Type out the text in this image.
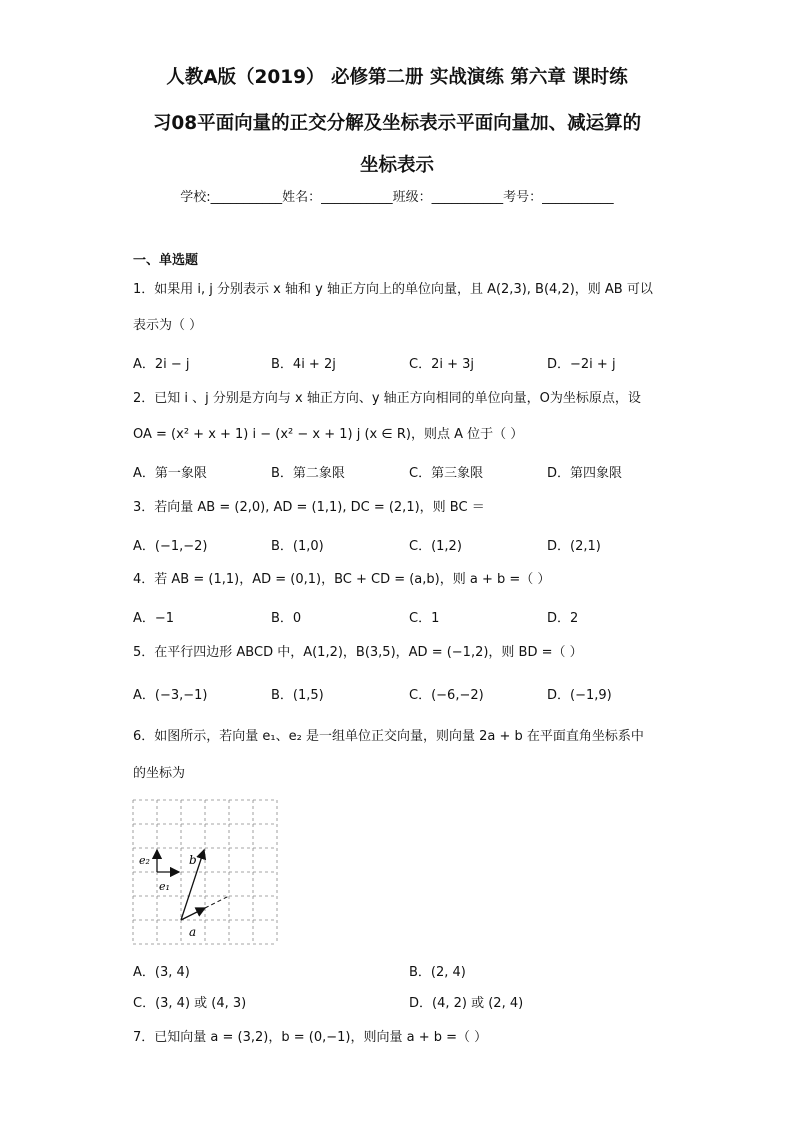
人教A版（2019） 必修第二册 实战演练 第六章 课时练
习08平面向量的正交分解及坐标表示平面向量加、减运算的
坐标表示
学校:___________姓名：___________班级：___________考号：___________
一、单选题
1．如果用 i, j 分别表示 x 轴和 y 轴正方向上的单位向量，且 A(2,3), B(4,2)，则 AB 可以
表示为（ ）
A．2i − j	B．4i + 2j	C．2i + 3j	D．−2i + j
2．已知 i 、j 分别是方向与 x 轴正方向、y 轴正方向相同的单位向量，O为坐标原点，设
OA = (x² + x + 1) i − (x² − x + 1) j (x ∈ R)，则点 A 位于（ ）
A．第一象限	B．第二象限	C．第三象限	D．第四象限
3．若向量 AB = (2,0), AD = (1,1), DC = (2,1)，则 BC ＝
A．(−1,−2)	B．(1,0)	C．(1,2)	D．(2,1)
4．若 AB = (1,1)，AD = (0,1)，BC + CD = (a,b)，则 a + b =（ ）
A．−1	B．0	C．1	D．2
5．在平行四边形 ABCD 中，A(1,2)，B(3,5)，AD = (−1,2)，则 BD =（ ）
A．(−3,−1)	B．(1,5)	C．(−6,−2)	D．(−1,9)
6．如图所示，若向量 e₁、e₂ 是一组单位正交向量，则向量 2a + b 在平面直角坐标系中
的坐标为
e₂
e₁
b
a
A．(3, 4)	B．(2, 4)
C．(3, 4) 或 (4, 3)	D．(4, 2) 或 (2, 4)
7．已知向量 a = (3,2)，b = (0,−1)，则向量 a + b =（ ）
